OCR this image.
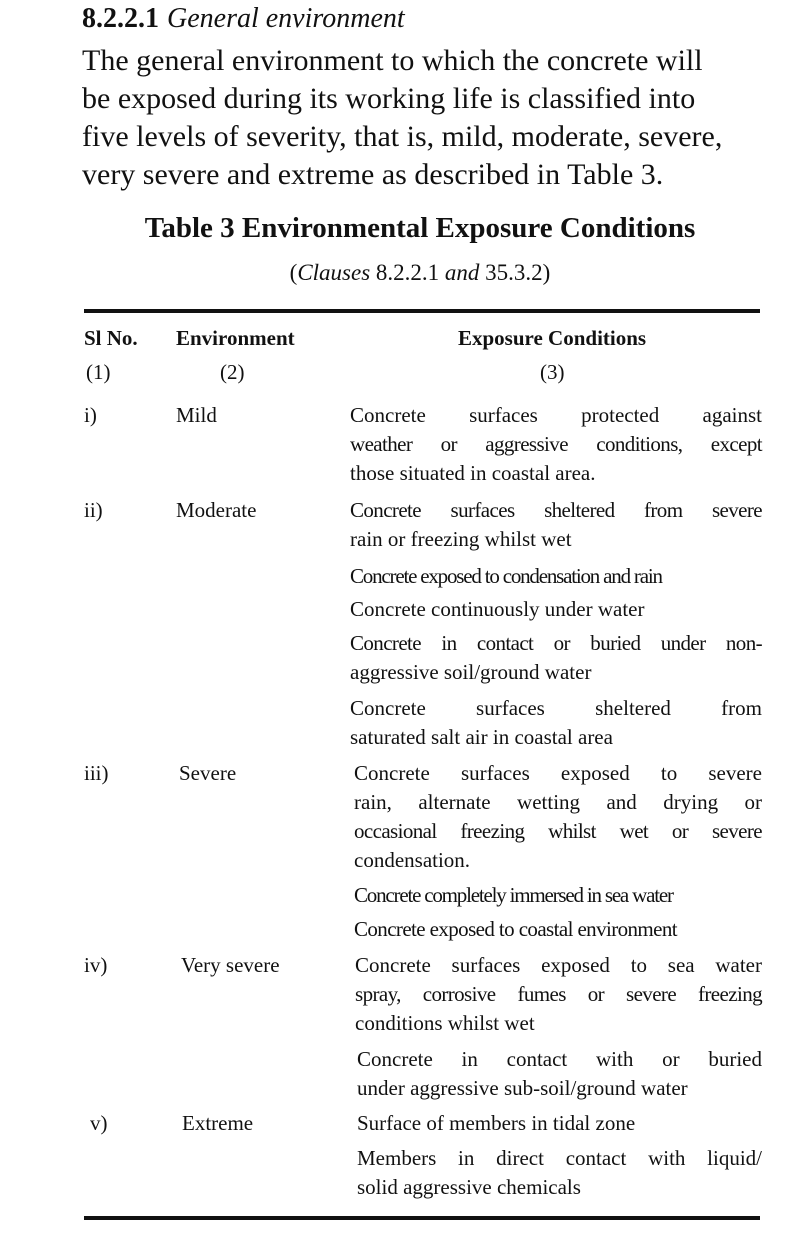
8.2.2.1 General environment
The general environment to which the concrete will
be exposed during its working life is classified into
five levels of severity, that is, mild, moderate, severe,
very severe and extreme as described in Table 3.
Table 3 Environmental Exposure Conditions
(Clauses 8.2.2.1 and 35.3.2)
Sl No. Environment	Exposure Conditions
(1)	(2)	(3)
i)	Mild	Concrete surfaces protected against
weather or aggressive conditions, except
those situated in coastal area.
ii)	Moderate	Concrete surfaces sheltered from severe
rain or freezing whilst wet
Concrete exposed to condensation and rain
Concrete continuously under water
Concrete in contact or buried under non-
aggressive soil/ground water
Concrete surfaces sheltered from
saturated salt air in coastal area
iii)	Severe	Concrete surfaces exposed to severe
rain, alternate wetting and drying or
occasional freezing whilst wet or severe
condensation.
Concrete completely immersed in sea water
Concrete exposed to coastal environment
iv)	Very severe	Concrete surfaces exposed to sea water
spray, corrosive fumes or severe freezing
conditions whilst wet
Concrete in contact with or buried
under aggressive sub-soil/ground water
v)	Extreme	Surface of members in tidal zone
Members in direct contact with liquid/
solid aggressive chemicals
